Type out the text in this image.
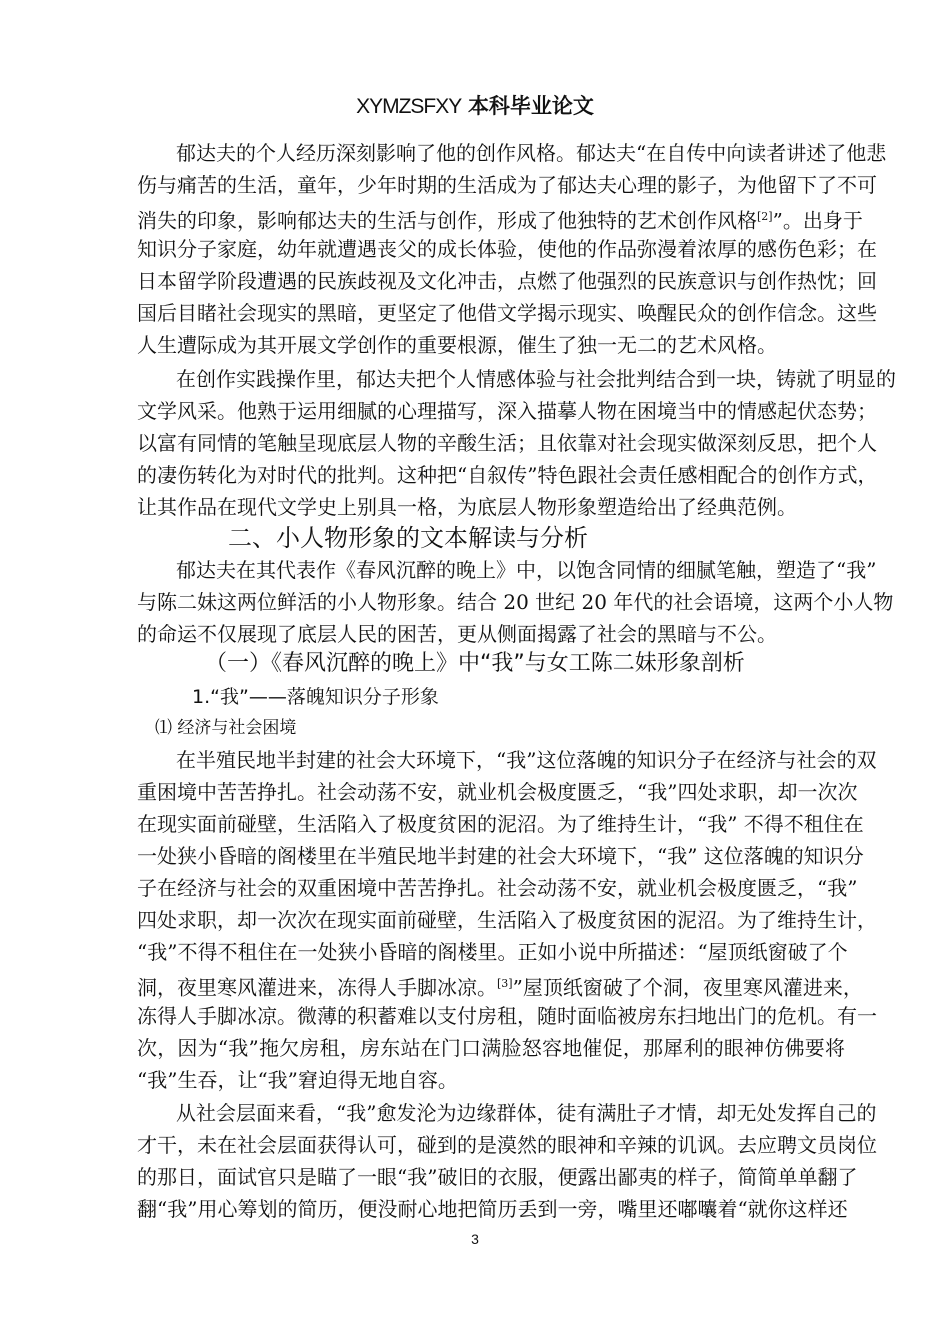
XYMZSFXY 本科毕业论文
郁达夫的个人经历深刻影响了他的创作风格。郁达夫“在自传中向读者讲述了他悲
伤与痛苦的生活，童年，少年时期的生活成为了郁达夫心理的影子，为他留下了不可
消失的印象，影响郁达夫的生活与创作，形成了他独特的艺术创作风格[2]”。出身于
知识分子家庭，幼年就遭遇丧父的成长体验，使他的作品弥漫着浓厚的感伤色彩；在
日本留学阶段遭遇的民族歧视及文化冲击，点燃了他强烈的民族意识与创作热忱；回
国后目睹社会现实的黑暗，更坚定了他借文学揭示现实、唤醒民众的创作信念。这些
人生遭际成为其开展文学创作的重要根源，催生了独一无二的艺术风格。
在创作实践操作里，郁达夫把个人情感体验与社会批判结合到一块，铸就了明显的
文学风采。他熟于运用细腻的心理描写，深入描摹人物在困境当中的情感起伏态势；
以富有同情的笔触呈现底层人物的辛酸生活；且依靠对社会现实做深刻反思，把个人
的凄伤转化为对时代的批判。这种把“自叙传”特色跟社会责任感相配合的创作方式，
让其作品在现代文学史上别具一格，为底层人物形象塑造给出了经典范例。
郁达夫在其代表作《春风沉醉的晚上》中，以饱含同情的细腻笔触，塑造了“我”
与陈二妹这两位鲜活的小人物形象。结合 20 世纪 20 年代的社会语境，这两个小人物
的命运不仅展现了底层人民的困苦，更从侧面揭露了社会的黑暗与不公。
在半殖民地半封建的社会大环境下，“我”这位落魄的知识分子在经济与社会的双
重困境中苦苦挣扎。社会动荡不安，就业机会极度匮乏，“我”四处求职，却一次次
在现实面前碰壁，生活陷入了极度贫困的泥沼。为了维持生计，“我” 不得不租住在
一处狭小昏暗的阁楼里在半殖民地半封建的社会大环境下，“我” 这位落魄的知识分
子在经济与社会的双重困境中苦苦挣扎。社会动荡不安，就业机会极度匮乏，“我”
四处求职，却一次次在现实面前碰壁，生活陷入了极度贫困的泥沼。为了维持生计，
“我”不得不租住在一处狭小昏暗的阁楼里。正如小说中所描述：“屋顶纸窗破了个
洞，夜里寒风灌进来，冻得人手脚冰凉。[3]”屋顶纸窗破了个洞，夜里寒风灌进来，
冻得人手脚冰凉。微薄的积蓄难以支付房租，随时面临被房东扫地出门的危机。有一
次，因为“我”拖欠房租，房东站在门口满脸怒容地催促，那犀利的眼神仿佛要将
“我”生吞，让“我”窘迫得无地自容。
从社会层面来看，“我”愈发沦为边缘群体，徒有满肚子才情，却无处发挥自己的
才干，未在社会层面获得认可，碰到的是漠然的眼神和辛辣的讥讽。去应聘文员岗位
的那日，面试官只是瞄了一眼“我”破旧的衣服，便露出鄙夷的样子，简简单单翻了
翻“我”用心筹划的简历，便没耐心地把简历丢到一旁，嘴里还嘟囔着“就你这样还
二、小人物形象的文本解读与分析
（一）《春风沉醉的晚上》中“我”与女工陈二妹形象剖析
1.“我”——落魄知识分子形象
⑴ 经济与社会困境
3
